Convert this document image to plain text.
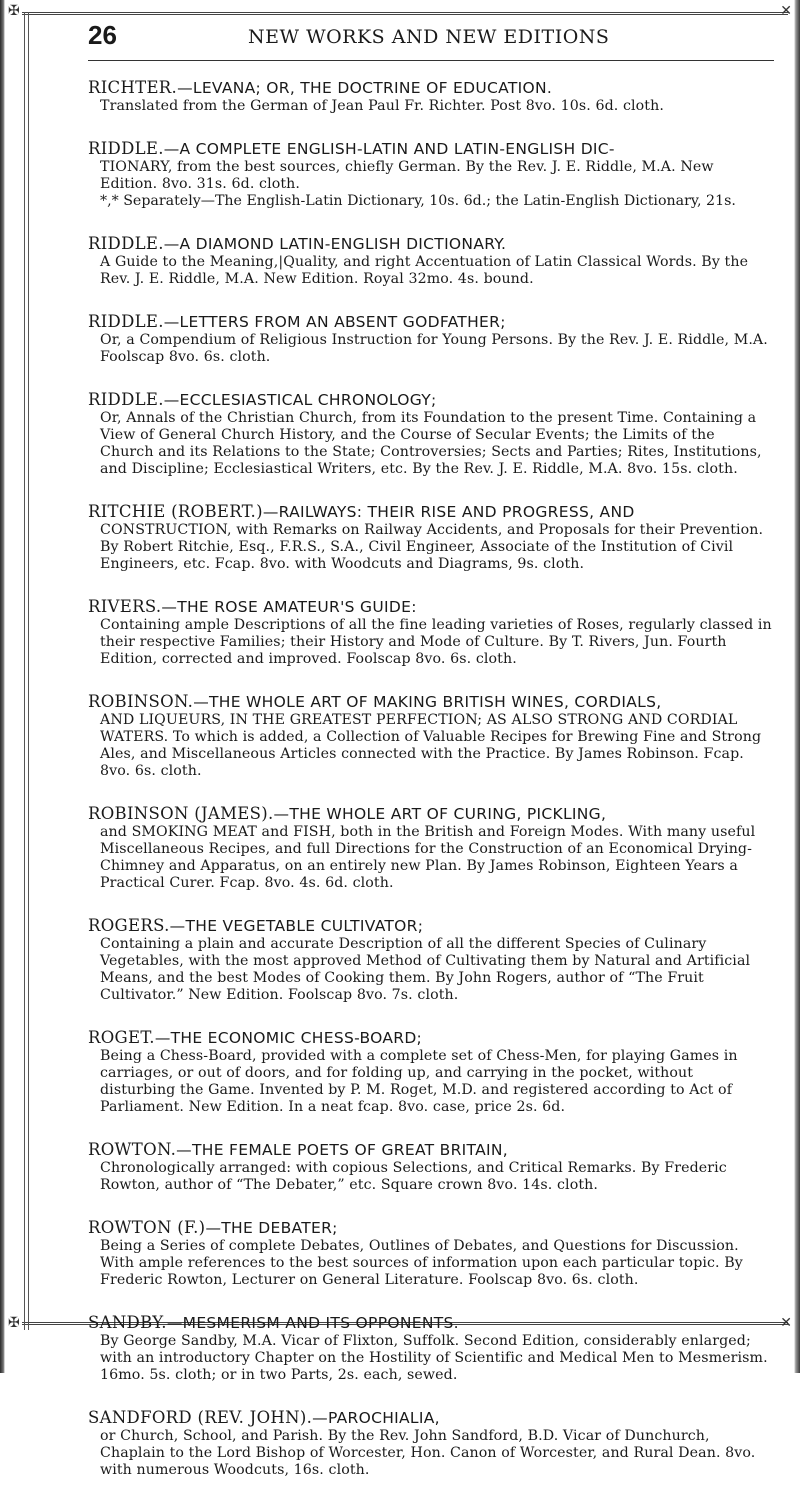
✠
✠
✕
✕
26	NEW WORKS AND NEW EDITIONS
RICHTER.—LEVANA; OR, THE DOCTRINE OF EDUCATION.
Translated from the German of Jean Paul Fr. Richter. Post 8vo. 10s. 6d. cloth.
RIDDLE.—A COMPLETE ENGLISH-LATIN AND LATIN-ENGLISH DIC-
TIONARY, from the best sources, chiefly German. By the Rev. J. E. Riddle, M.A. New Edition. 8vo. 31s. 6d. cloth.
*,* Separately—The English-Latin Dictionary, 10s. 6d.; the Latin-English Dictionary, 21s.
RIDDLE.—A DIAMOND LATIN-ENGLISH DICTIONARY.
A Guide to the Meaning,|Quality, and right Accentuation of Latin Classical Words. By the Rev. J. E. Riddle, M.A. New Edition. Royal 32mo. 4s. bound.
RIDDLE.—LETTERS FROM AN ABSENT GODFATHER;
Or, a Compendium of Religious Instruction for Young Persons. By the Rev. J. E. Riddle, M.A. Foolscap 8vo. 6s. cloth.
RIDDLE.—ECCLESIASTICAL CHRONOLOGY;
Or, Annals of the Christian Church, from its Foundation to the present Time. Containing a View of General Church History, and the Course of Secular Events; the Limits of the Church and its Relations to the State; Controversies; Sects and Parties; Rites, Institutions, and Discipline; Ecclesiastical Writers, etc. By the Rev. J. E. Riddle, M.A. 8vo. 15s. cloth.
RITCHIE (ROBERT.)—RAILWAYS: THEIR RISE AND PROGRESS, AND
CONSTRUCTION, with Remarks on Railway Accidents, and Proposals for their Prevention. By Robert Ritchie, Esq., F.R.S., S.A., Civil Engineer, Associate of the Institution of Civil Engineers, etc. Fcap. 8vo. with Woodcuts and Diagrams, 9s. cloth.
RIVERS.—THE ROSE AMATEUR'S GUIDE:
Containing ample Descriptions of all the fine leading varieties of Roses, regularly classed in their respective Families; their History and Mode of Culture. By T. Rivers, Jun. Fourth Edition, corrected and improved. Foolscap 8vo. 6s. cloth.
ROBINSON.—THE WHOLE ART OF MAKING BRITISH WINES, CORDIALS,
AND LIQUEURS, IN THE GREATEST PERFECTION; AS ALSO STRONG AND CORDIAL WATERS. To which is added, a Collection of Valuable Recipes for Brewing Fine and Strong Ales, and Miscellaneous Articles connected with the Practice. By James Robinson. Fcap. 8vo. 6s. cloth.
ROBINSON (JAMES).—THE WHOLE ART OF CURING, PICKLING,
and SMOKING MEAT and FISH, both in the British and Foreign Modes. With many useful Miscellaneous Recipes, and full Directions for the Construction of an Economical Drying-Chimney and Apparatus, on an entirely new Plan. By James Robinson, Eighteen Years a Practical Curer. Fcap. 8vo. 4s. 6d. cloth.
ROGERS.—THE VEGETABLE CULTIVATOR;
Containing a plain and accurate Description of all the different Species of Culinary Vegetables, with the most approved Method of Cultivating them by Natural and Artificial Means, and the best Modes of Cooking them. By John Rogers, author of “The Fruit Cultivator.” New Edition. Foolscap 8vo. 7s. cloth.
ROGET.—THE ECONOMIC CHESS-BOARD;
Being a Chess-Board, provided with a complete set of Chess-Men, for playing Games in carriages, or out of doors, and for folding up, and carrying in the pocket, without disturbing the Game. Invented by P. M. Roget, M.D. and registered according to Act of Parliament. New Edition. In a neat fcap. 8vo. case, price 2s. 6d.
ROWTON.—THE FEMALE POETS OF GREAT BRITAIN,
Chronologically arranged: with copious Selections, and Critical Remarks. By Frederic Rowton, author of “The Debater,” etc. Square crown 8vo. 14s. cloth.
ROWTON (F.)—THE DEBATER;
Being a Series of complete Debates, Outlines of Debates, and Questions for Discussion. With ample references to the best sources of information upon each particular topic. By Frederic Rowton, Lecturer on General Literature. Foolscap 8vo. 6s. cloth.
SANDBY.—MESMERISM AND ITS OPPONENTS.
By George Sandby, M.A. Vicar of Flixton, Suffolk. Second Edition, considerably enlarged; with an introductory Chapter on the Hostility of Scientific and Medical Men to Mesmerism. 16mo. 5s. cloth; or in two Parts, 2s. each, sewed.
SANDFORD (REV. JOHN).—PAROCHIALIA,
or Church, School, and Parish. By the Rev. John Sandford, B.D. Vicar of Dunchurch, Chaplain to the Lord Bishop of Worcester, Hon. Canon of Worcester, and Rural Dean. 8vo. with numerous Woodcuts, 16s. cloth.
